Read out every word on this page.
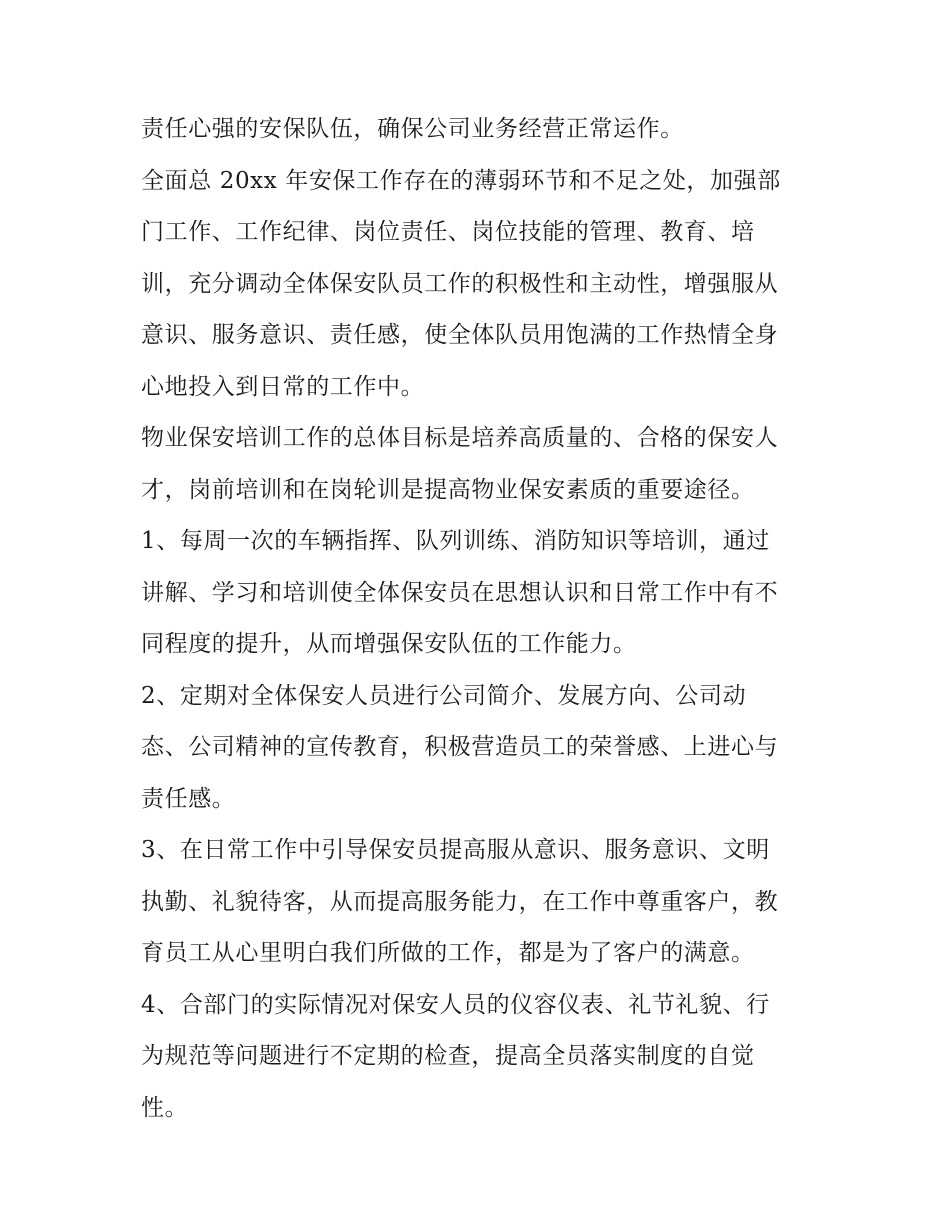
责任心强的安保队伍，确保公司业务经营正常运作。

全面总 20xx 年安保工作存在的薄弱环节和不足之处，加强部

门工作、工作纪律、岗位责任、岗位技能的管理、教育、培

训，充分调动全体保安队员工作的积极性和主动性，增强服从

意识、服务意识、责任感，使全体队员用饱满的工作热情全身

心地投入到日常的工作中。

物业保安培训工作的总体目标是培养高质量的、合格的保安人

才，岗前培训和在岗轮训是提高物业保安素质的重要途径。

1、每周一次的车辆指挥、队列训练、消防知识等培训，通过

讲解、学习和培训使全体保安员在思想认识和日常工作中有不

同程度的提升，从而增强保安队伍的工作能力。

2、定期对全体保安人员进行公司简介、发展方向、公司动

态、公司精神的宣传教育，积极营造员工的荣誉感、上进心与

责任感。

3、在日常工作中引导保安员提高服从意识、服务意识、文明

执勤、礼貌待客，从而提高服务能力，在工作中尊重客户，教

育员工从心里明白我们所做的工作，都是为了客户的满意。

4、合部门的实际情况对保安人员的仪容仪表、礼节礼貌、行

为规范等问题进行不定期的检查，提高全员落实制度的自觉

性。
